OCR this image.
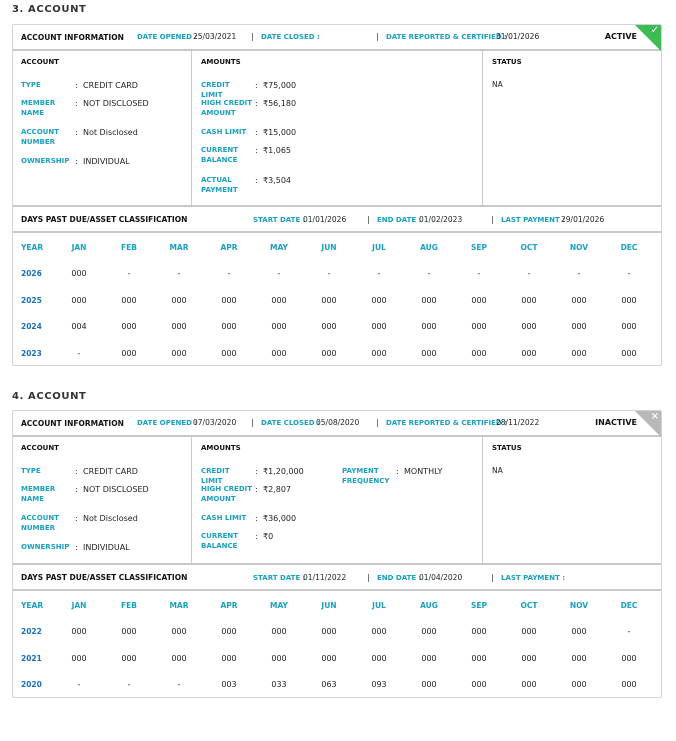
3. ACCOUNT
ACCOUNT INFORMATION DATE OPENED :
25/03/2021 | DATE CLOSED :	| DATE REPORTED & CERTIFIED :
31/01/2026	ACTIVE
✓
ACCOUNT	AMOUNTS	STATUS
NA
TYPE	: CREDIT CARD
MEMBER NAME
: NOT DISCLOSED
ACCOUNT NUMBER
: Not Disclosed
OWNERSHIP : INDIVIDUAL
CREDIT LIMIT
: ₹75,000
HIGH CREDIT AMOUNT
: ₹56,180
CASH LIMIT	: ₹15,000
CURRENT BALANCE
: ₹1,065
ACTUAL PAYMENT
: ₹3,504
DAYS PAST DUE/ASSET CLASSIFICATION	START DATE :
01/01/2026	| END DATE :
01/02/2023	| LAST PAYMENT :
29/01/2026
YEAR	JAN	FEB	MAR	APR	MAY	JUN	JUL	AUG	SEP	OCT	NOV	DEC
2026	000	-	-	-	-	-	-	-	-	-	-	-
2025	000	000	000	000	000	000	000	000	000	000	000	000
2024	004	000	000	000	000	000	000	000	000	000	000	000
2023	-	000	000	000	000	000	000	000	000	000	000	000
4. ACCOUNT
ACCOUNT INFORMATION DATE OPENED :
07/03/2020 | DATE CLOSED :
05/08/2020 | DATE REPORTED & CERTIFIED :
28/11/2022	INACTIVE
×
ACCOUNT	AMOUNTS	STATUS
NA
TYPE	: CREDIT CARD
MEMBER NAME
: NOT DISCLOSED
ACCOUNT NUMBER
: Not Disclosed
OWNERSHIP : INDIVIDUAL
CREDIT LIMIT
: ₹1,20,000
HIGH CREDIT AMOUNT
: ₹2,807
CASH LIMIT	: ₹36,000
CURRENT BALANCE
: ₹0
PAYMENT FREQUENCY
: MONTHLY
DAYS PAST DUE/ASSET CLASSIFICATION	START DATE :
01/11/2022	| END DATE :
01/04/2020	| LAST PAYMENT :
YEAR	JAN	FEB	MAR	APR	MAY	JUN	JUL	AUG	SEP	OCT	NOV	DEC
2022	000	000	000	000	000	000	000	000	000	000	000	-
2021	000	000	000	000	000	000	000	000	000	000	000	000
2020	-	-	-	003	033	063	093	000	000	000	000	000
